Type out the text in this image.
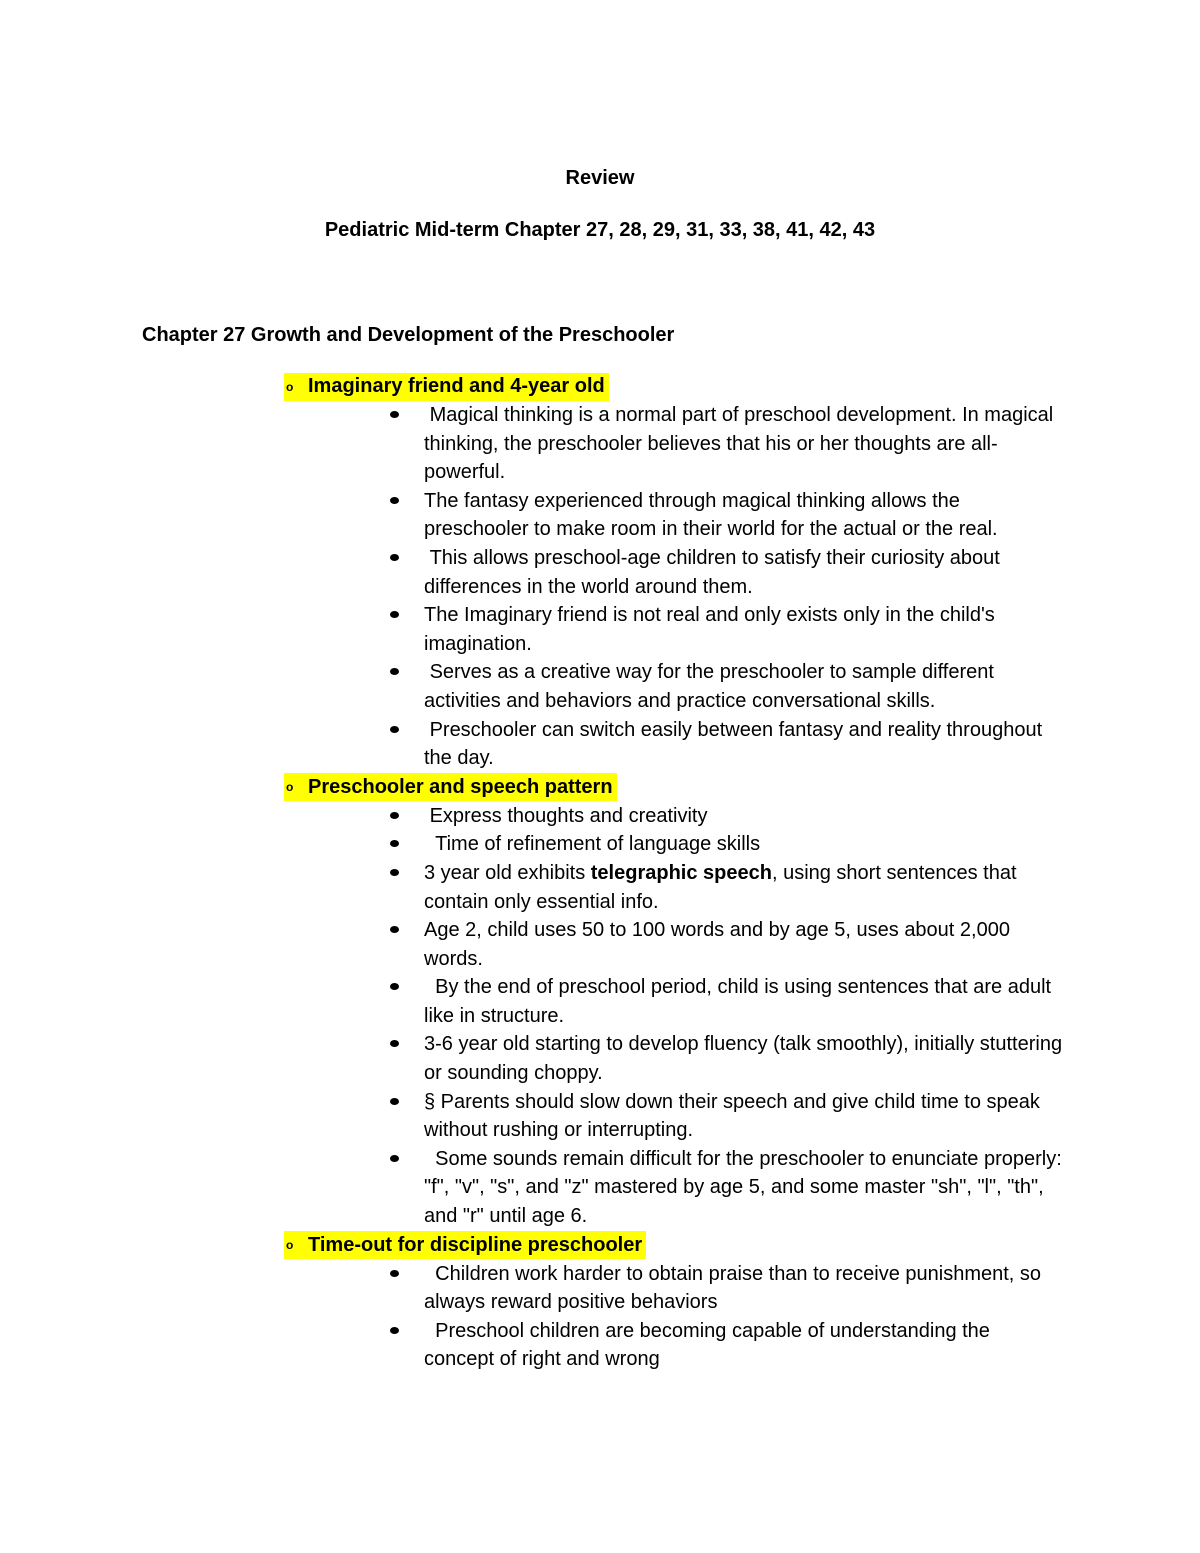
Review
Pediatric Mid-term Chapter 27, 28, 29, 31, 33, 38, 41, 42, 43
Chapter 27 Growth and Development of the Preschooler
o Imaginary friend and 4-year old
Magical thinking is a normal part of preschool development. In magical thinking, the preschooler believes that his or her thoughts are all-powerful.
The fantasy experienced through magical thinking allows the preschooler to make room in their world for the actual or the real.
This allows preschool-age children to satisfy their curiosity about differences in the world around them.
The Imaginary friend is not real and only exists only in the child's imagination.
Serves as a creative way for the preschooler to sample different activities and behaviors and practice conversational skills.
Preschooler can switch easily between fantasy and reality throughout the day.
o Preschooler and speech pattern
Express thoughts and creativity
Time of refinement of language skills
3 year old exhibits telegraphic speech, using short sentences that contain only essential info.
Age 2, child uses 50 to 100 words and by age 5, uses about 2,000 words.
By the end of preschool period, child is using sentences that are adult like in structure.
3-6 year old starting to develop fluency (talk smoothly), initially stuttering or sounding choppy.
§ Parents should slow down their speech and give child time to speak without rushing or interrupting.
Some sounds remain difficult for the preschooler to enunciate properly: "f", "v", "s", and "z" mastered by age 5, and some master "sh", "l", "th", and "r" until age 6.
o Time-out for discipline preschooler
Children work harder to obtain praise than to receive punishment, so always reward positive behaviors
Preschool children are becoming capable of understanding the concept of right and wrong
